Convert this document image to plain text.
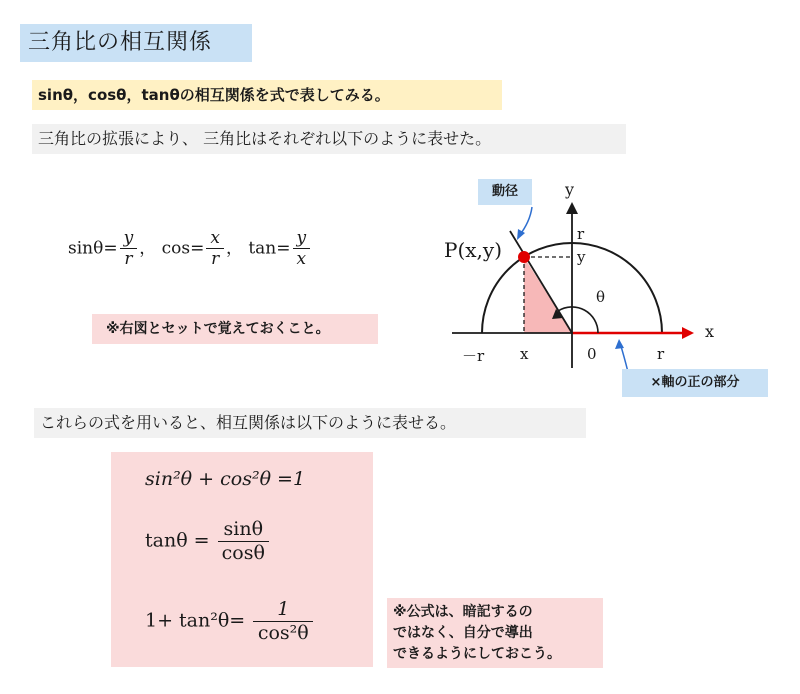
三角比の相互関係
sinθ，cosθ，tanθの相互関係を式で表してみる。
三角比の拡張により、 三角比はそれぞれ以下のように表せた。
$\sin\theta= \frac{y}{r}$ ， $\cos= \frac{x}{r}$ ， $\tan= \frac{y}{x}$
※右図とセットで覚えておくこと。
動径
P(x,y)
y
x
r
y
θ
－r x	0	r
×軸の正の部分
これらの式を用いると、相互関係は以下のように表せる。
sin²θ + cos²θ =1
$\tan\theta = \frac{\sin\theta}{\cos\theta}$
$1+ \tan^2\theta= \frac{1}{\text{cos²θ}}$	※公式は、暗記するの
ではなく、自分で導出
できるようにしておこう。
